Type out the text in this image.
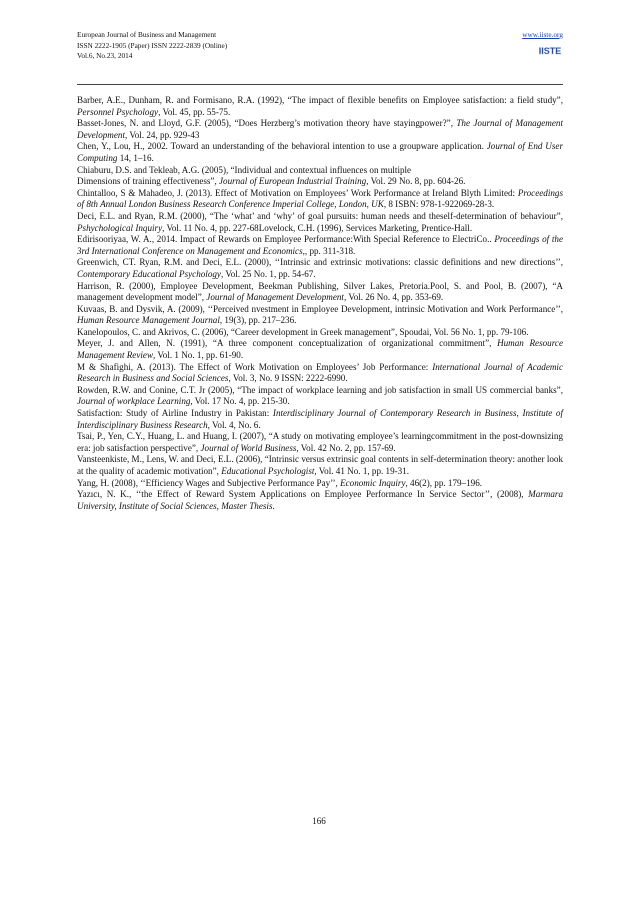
European Journal of Business and Management
ISSN 2222-1905 (Paper) ISSN 2222-2839 (Online)
Vol.6, No.23, 2014
www.iiste.org
IISTE

Barber, A.E., Dunham, R. and Formisano, R.A. (1992), “The impact of flexible benefits on Employee satisfaction: a field study”, Personnel Psychology, Vol. 45, pp. 55-75.

Basset-Jones, N. and Lloyd, G.F. (2005), “Does Herzberg’s motivation theory have stayingpower?”, The Journal of Management Development, Vol. 24, pp. 929-43

Chen, Y., Lou, H., 2002. Toward an understanding of the behavioral intention to use a groupware application. Journal of End User Computing 14, 1–16.

Chiaburu, D.S. and Tekleab, A.G. (2005), “Individual and contextual influences on multiple

Dimensions of training effectiveness”, Journal of European Industrial Training, Vol. 29 No. 8, pp. 604-26.

Chintalloo, S & Mahadeo, J. (2013). Effect of Motivation on Employees’ Work Performance at Ireland Blyth Limited: Proceedings of 8th Annual London Business Research Conference Imperial College, London, UK, 8 ISBN: 978-1-922069-28-3.

Deci, E.L. and Ryan, R.M. (2000), “The ‘what’ and ‘why’ of goal pursuits: human needs and theself-determination of behaviour”, Pshychological Inquiry, Vol. 11 No. 4, pp. 227-68Lovelock, C.H. (1996), Services Marketing, Prentice-Hall.

Edirisooriyaa, W. A., 2014. Impact of Rewards on Employee Performance:With Special Reference to ElectriCo.. Proceedings of the 3rd International Conference on Management and Economics,, pp. 311-318.

Greenwich, CT. Ryan, R.M. and Deci, E.L. (2000), ‘‘Intrinsic and extrinsic motivations: classic definitions and new directions’’, Contemporary Educational Psychology, Vol. 25 No. 1, pp. 54-67.

Harrison, R. (2000), Employee Development, Beekman Publishing, Silver Lakes, Pretoria.Pool, S. and Pool, B. (2007), “A management development model”, Journal of Management Development, Vol. 26 No. 4, pp. 353-69.

Kuvaas, B. and Dysvik, A. (2009), ‘‘Perceived nvestment in Employee Development, intrinsic Motivation and Work Performance’’, Human Resource Management Journal, 19(3), pp. 217–236.

Kanelopoulos, C. and Akrivos, C. (2006), “Career development in Greek management”, Spoudai, Vol. 56 No. 1, pp. 79-106.

Meyer, J. and Allen, N. (1991), “A three component conceptualization of organizational commitment”, Human Resource Management Review, Vol. 1 No. 1, pp. 61-90.

M & Shafighi, A. (2013). The Effect of Work Motivation on Employees’ Job Performance: International Journal of Academic Research in Business and Social Sciences, Vol. 3, No. 9 ISSN: 2222-6990.

Rowden, R.W. and Conine, C.T. Jr (2005), “The impact of workplace learning and job satisfaction in small US commercial banks”, Journal of workplace Learning, Vol. 17 No. 4, pp. 215-30.

Satisfaction: Study of Airline Industry in Pakistan: Interdisciplinary Journal of Contemporary Research in Business, Institute of Interdisciplinary Business Research, Vol. 4, No. 6.

Tsai, P., Yen, C.Y., Huang, L. and Huang, I. (2007), “A study on motivating employee’s learningcommitment in the post-downsizing era: job satisfaction perspective”, Journal of World Business, Vol. 42 No. 2, pp. 157-69.

Vansteenkiste, M., Lens, W. and Deci, E.L. (2006), “Intrinsic versus extrinsic goal contents in self-determination theory: another look at the quality of academic motivation”, Educational Psychologist, Vol. 41 No. 1, pp. 19-31.

Yang, H. (2008), ‘‘Efficiency Wages and Subjective Performance Pay’’, Economic Inquiry, 46(2), pp. 179–196.

Yazıcı, N. K., ‘‘the Effect of Reward System Applications on Employee Performance In Service Sector’’, (2008), Marmara University, Institute of Social Sciences, Master Thesis.

166
